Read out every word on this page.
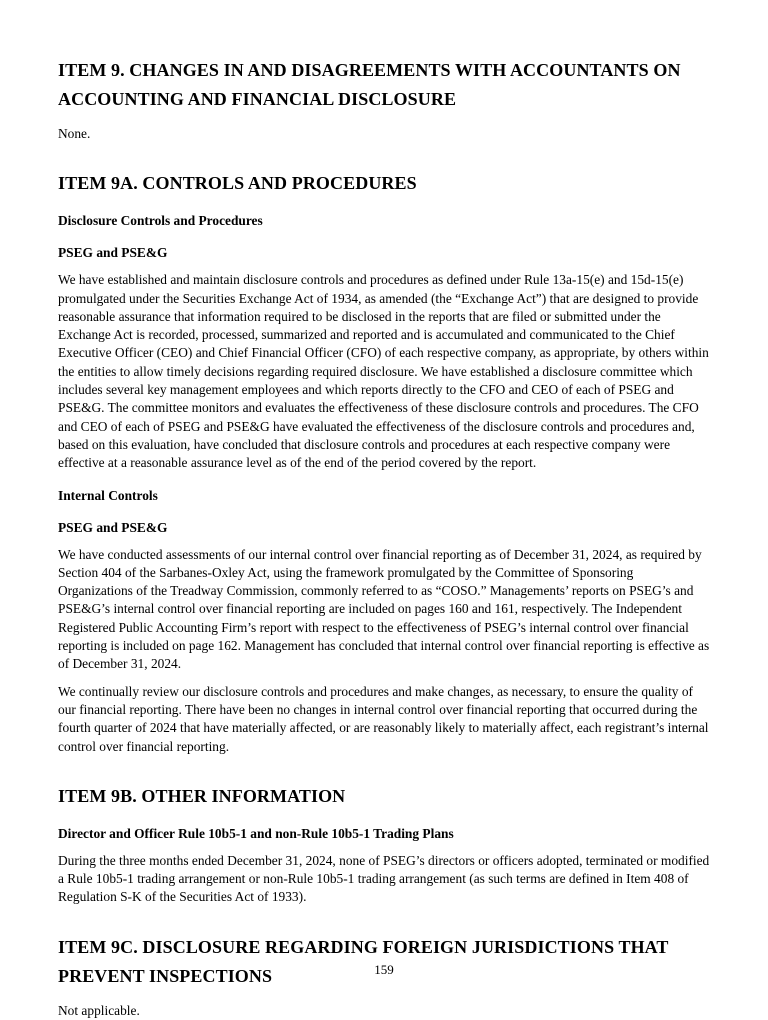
ITEM 9. CHANGES IN AND DISAGREEMENTS WITH ACCOUNTANTS ON ACCOUNTING AND FINANCIAL DISCLOSURE

None.

ITEM 9A. CONTROLS AND PROCEDURES
Disclosure Controls and Procedures
PSEG and PSE&G

We have established and maintain disclosure controls and procedures as defined under Rule 13a-15(e) and 15d-15(e) promulgated under the Securities Exchange Act of 1934, as amended (the “Exchange Act”) that are designed to provide reasonable assurance that information required to be disclosed in the reports that are filed or submitted under the Exchange Act is recorded, processed, summarized and reported and is accumulated and communicated to the Chief Executive Officer (CEO) and Chief Financial Officer (CFO) of each respective company, as appropriate, by others within the entities to allow timely decisions regarding required disclosure. We have established a disclosure committee which includes several key management employees and which reports directly to the CFO and CEO of each of PSEG and PSE&G. The committee monitors and evaluates the effectiveness of these disclosure controls and procedures. The CFO and CEO of each of PSEG and PSE&G have evaluated the effectiveness of the disclosure controls and procedures and, based on this evaluation, have concluded that disclosure controls and procedures at each respective company were effective at a reasonable assurance level as of the end of the period covered by the report.

Internal Controls
PSEG and PSE&G

We have conducted assessments of our internal control over financial reporting as of December 31, 2024, as required by Section 404 of the Sarbanes-Oxley Act, using the framework promulgated by the Committee of Sponsoring Organizations of the Treadway Commission, commonly referred to as “COSO.” Managements’ reports on PSEG’s and PSE&G’s internal control over financial reporting are included on pages 160 and 161, respectively. The Independent Registered Public Accounting Firm’s report with respect to the effectiveness of PSEG’s internal control over financial reporting is included on page 162. Management has concluded that internal control over financial reporting is effective as of December 31, 2024.

We continually review our disclosure controls and procedures and make changes, as necessary, to ensure the quality of our financial reporting. There have been no changes in internal control over financial reporting that occurred during the fourth quarter of 2024 that have materially affected, or are reasonably likely to materially affect, each registrant’s internal control over financial reporting.

ITEM 9B. OTHER INFORMATION
Director and Officer Rule 10b5-1 and non-Rule 10b5-1 Trading Plans

During the three months ended December 31, 2024, none of PSEG’s directors or officers adopted, terminated or modified a Rule 10b5-1 trading arrangement or non-Rule 10b5-1 trading arrangement (as such terms are defined in Item 408 of Regulation S-K of the Securities Act of 1933).

ITEM 9C. DISCLOSURE REGARDING FOREIGN JURISDICTIONS THAT PREVENT INSPECTIONS

Not applicable.

159
